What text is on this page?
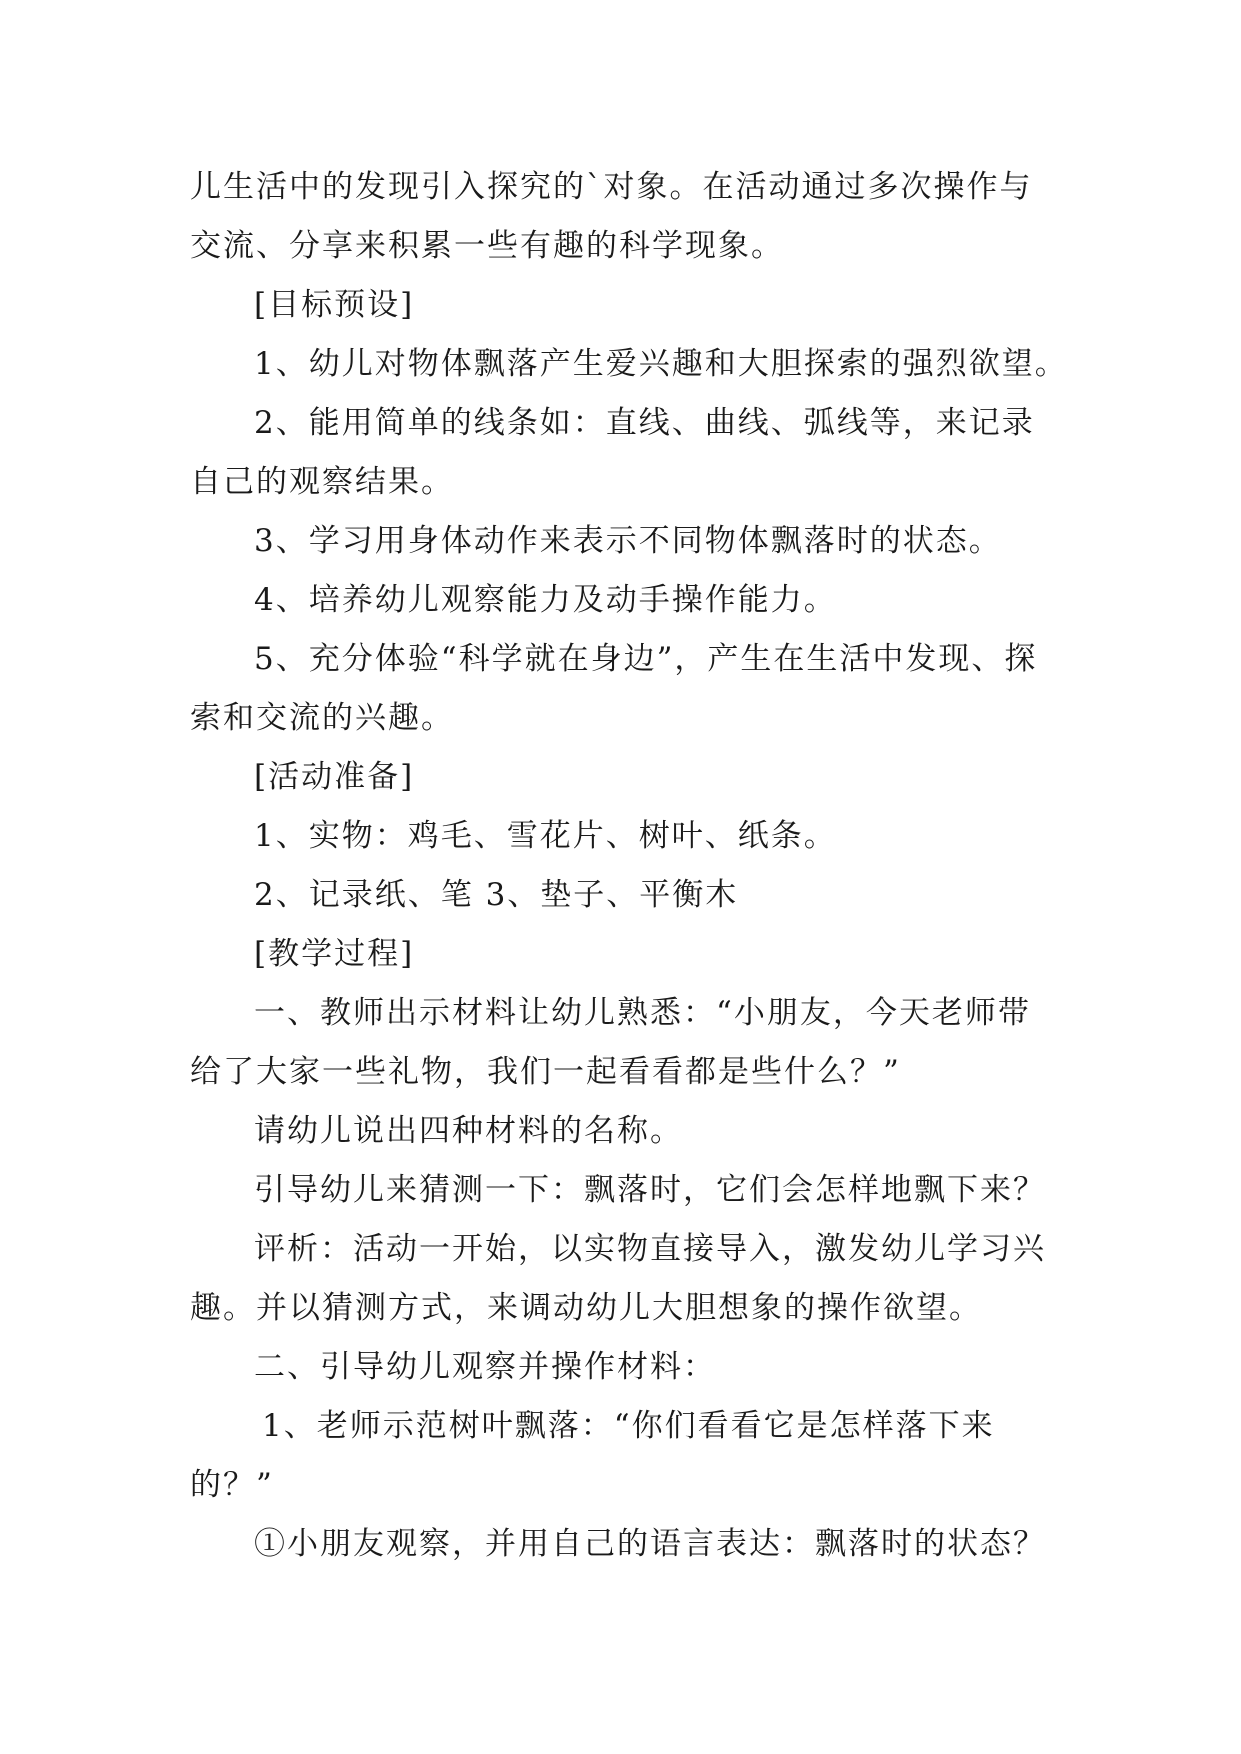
儿生活中的发现引入探究的`对象。在活动通过多次操作与
交流、分享来积累一些有趣的科学现象。
[目标预设]
1、幼儿对物体飘落产生爱兴趣和大胆探索的强烈欲望。
2、能用简单的线条如：直线、曲线、弧线等，来记录
自己的观察结果。
3、学习用身体动作来表示不同物体飘落时的状态。
4、培养幼儿观察能力及动手操作能力。
5、充分体验“科学就在身边”，产生在生活中发现、探
索和交流的兴趣。
[活动准备]
1、实物：鸡毛、雪花片、树叶、纸条。
2、记录纸、笔 3、垫子、平衡木
[教学过程]
一、教师出示材料让幼儿熟悉：“小朋友，今天老师带
给了大家一些礼物，我们一起看看都是些什么？”
请幼儿说出四种材料的名称。
引导幼儿来猜测一下：飘落时，它们会怎样地飘下来？
评析：活动一开始，以实物直接导入，激发幼儿学习兴
趣。并以猜测方式，来调动幼儿大胆想象的操作欲望。
二、引导幼儿观察并操作材料：
1、老师示范树叶飘落：“你们看看它是怎样落下来
的？”
①小朋友观察，并用自己的语言表达：飘落时的状态？
